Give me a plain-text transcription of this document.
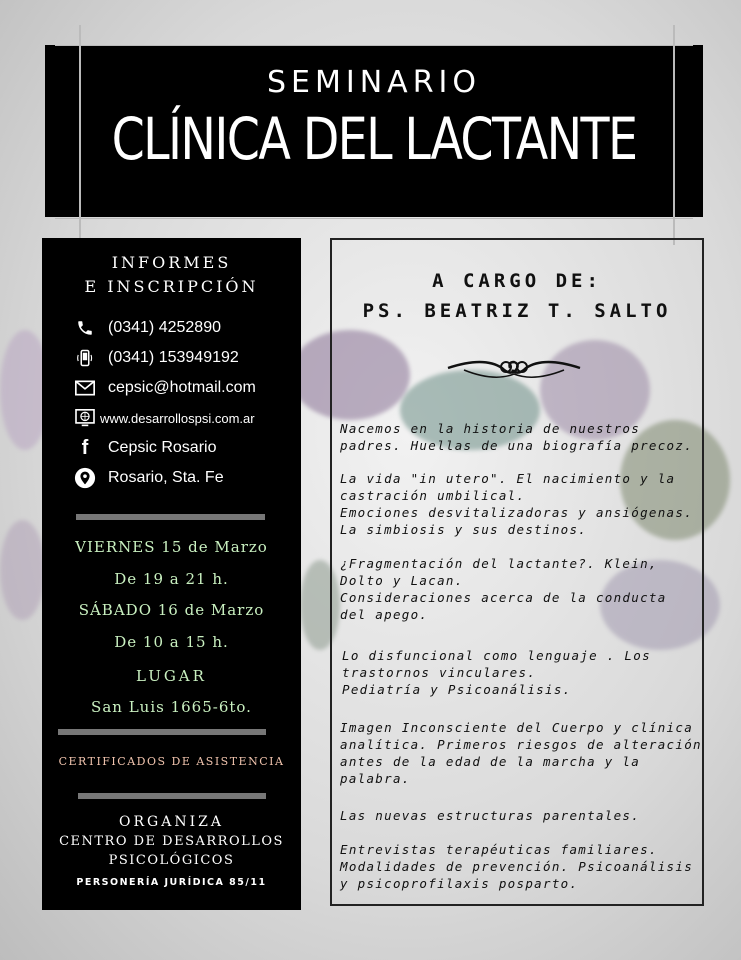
SEMINARIO
CLÍNICA DEL LACTANTE
INFORMES
E INSCRIPCIÓN
(0341) 4252890
(0341) 153949192
cepsic@hotmail.com
www.desarrollospsi.com.ar
f	Cepsic Rosario
Rosario, Sta. Fe
VIERNES 15 de Marzo
De 19 a 21 h.
SÁBADO 16 de Marzo
De 10 a 15 h.
LUGAR
San Luis 1665-6to.
CERTIFICADOS DE ASISTENCIA
ORGANIZA
CENTRO DE DESARROLLOS
PSICOLÓGICOS
PERSONERÍA JURÍDICA 85/11
A CARGO DE:
PS. BEATRIZ T. SALTO
Nacemos en la historia de nuestros
padres. Huellas de una biografía precoz.
La vida "in utero". El nacimiento y la
castración umbilical.
Emociones desvitalizadoras y ansiógenas.
La simbiosis y sus destinos.
¿Fragmentación del lactante?. Klein,
Dolto y Lacan.
Consideraciones acerca de la conducta
del apego.
Lo disfuncional como lenguaje . Los
trastornos vinculares.
Pediatría y Psicoanálisis.
Imagen Inconsciente del Cuerpo y clínica
analítica. Primeros riesgos de alteración
antes de la edad de la marcha y la
palabra.
Las nuevas estructuras parentales.
Entrevistas terapéuticas familiares.
Modalidades de prevención. Psicoanálisis
y psicoprofilaxis posparto.
